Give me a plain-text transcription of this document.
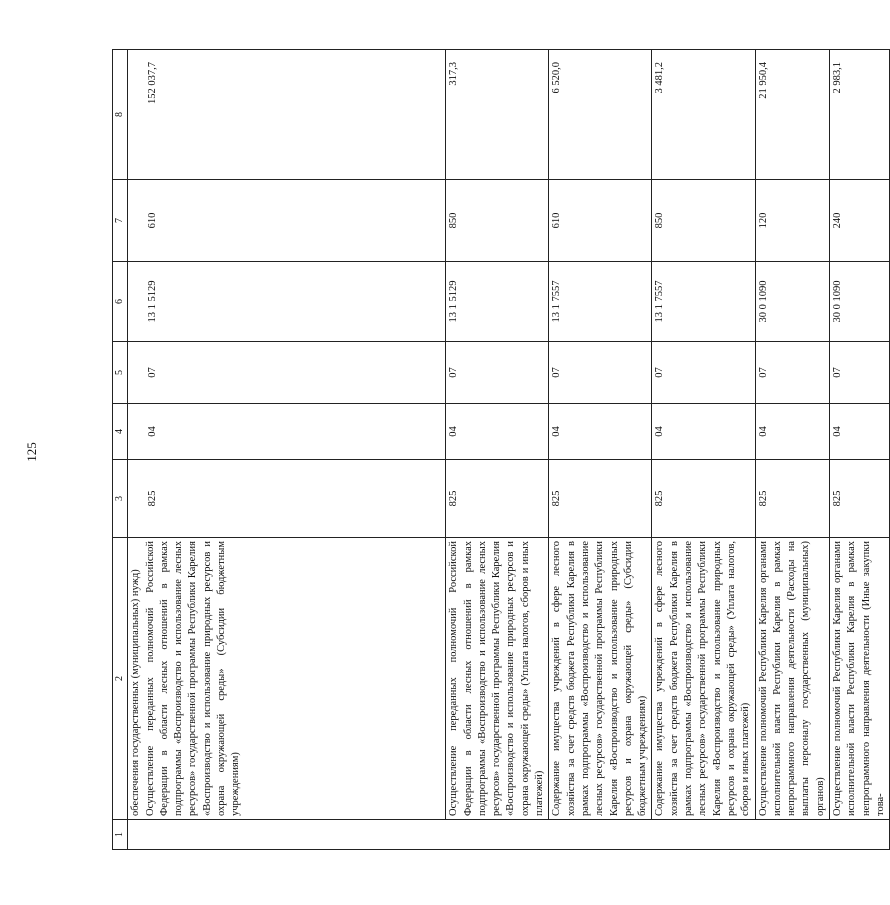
125
1	2	3	4	5	6	7	8

	обеспечения государственных (муниципальных) нужд) Осуществление переданных полномочий Российской Федерации в области лесных отношений в рамках подпрограммы «Воспроизводство и использование лесных ресурсов» государственной программы Республики Карелия «Воспроизводство и использование природных ресурсов и охрана окружающей среды» (Субсидии бюджетным учреждениям)	825	04	07	13 1 5129	610	152 037,7

	Осуществление переданных полномочий Российской Федерации в области лесных отношений в рамках подпрограммы «Воспроизводство и использование лесных ресурсов» государственной программы Республики Карелия «Воспроизводство и использование природных ресурсов и охрана окружающей среды» (Уплата налогов, сборов и иных платежей)	825	04	07	13 1 5129	850	317,3

	Содержание имущества учреждений в сфере лесного хозяйства за счет средств бюджета Республики Карелия в рамках подпрограммы «Воспроизводство и использование лесных ресурсов» государственной программы Республики Карелия «Воспроизводство и использование природных ресурсов и охрана окружающей среды» (Субсидии бюджетным учреждениям)	825	04	07	13 1 7557	610	6 520,0

	Содержание имущества учреждений в сфере лесного хозяйства за счет средств бюджета Республики Карелия в рамках подпрограммы «Воспроизводство и использование лесных ресурсов» государственной программы Республики Карелия «Воспроизводство и использование природных ресурсов и охрана окружающей среды» (Уплата налогов, сборов и иных платежей)	825	04	07	13 1 7557	850	3 481,2

	Осуществление полномочий Республики Карелия органами исполнительной власти Республики Карелия в рамках непрограммного направления деятельности (Расходы на выплаты персоналу государственных (муниципальных) органов)	825	04	07	30 0 1090	120	21 950,4

	Осуществление полномочий Республики Карелия органами исполнительной власти Республики Карелия в рамках непрограммного направления деятельности (Иные закупки това-	825	04	07	30 0 1090	240	2 983,1
